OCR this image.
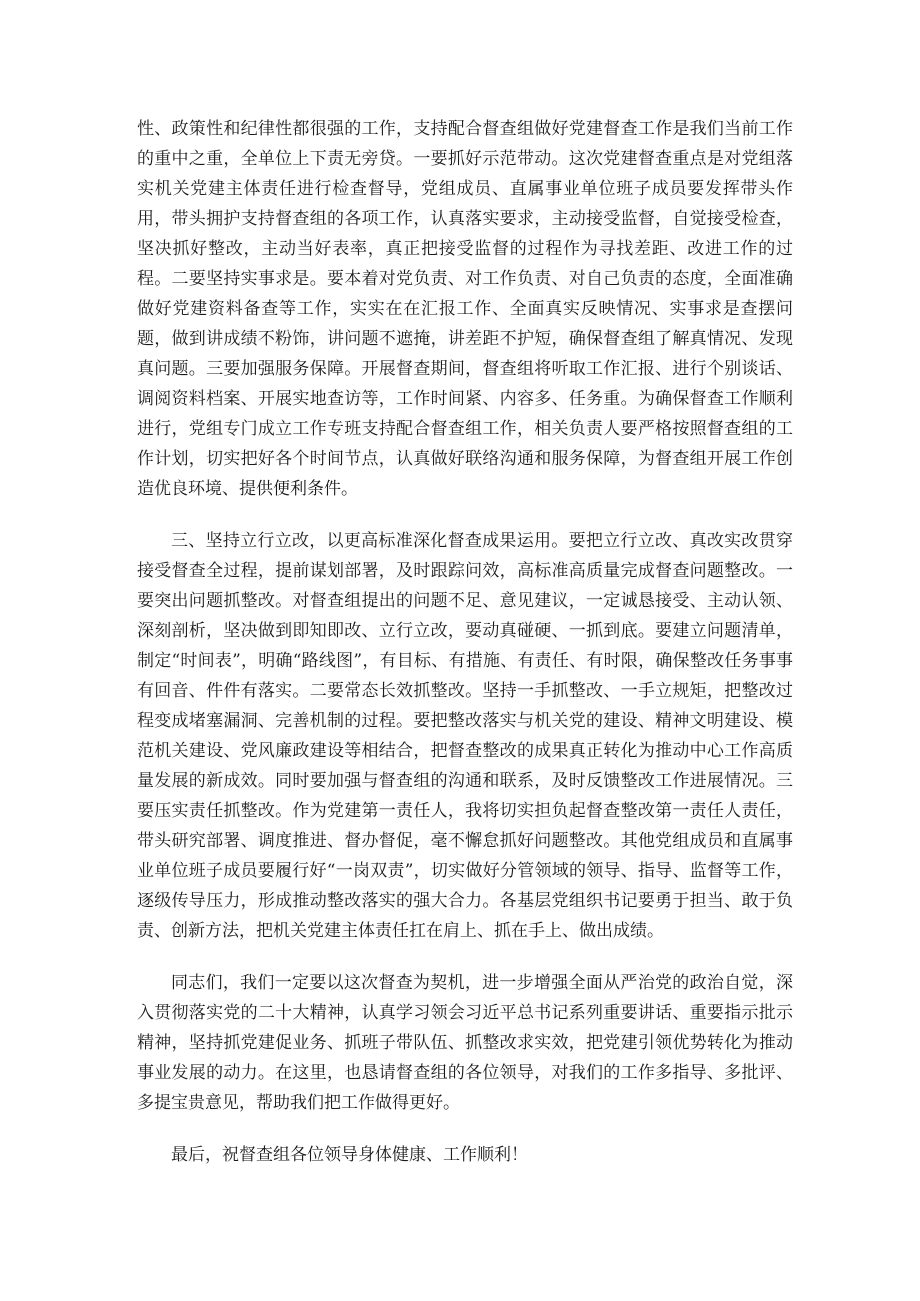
性、政策性和纪律性都很强的工作，支持配合督查组做好党建督查工作是我们当前工作的重中之重，全单位上下责无旁贷。一要抓好示范带动。这次党建督查重点是对党组落实机关党建主体责任进行检查督导，党组成员、直属事业单位班子成员要发挥带头作用，带头拥护支持督查组的各项工作，认真落实要求，主动接受监督，自觉接受检查，坚决抓好整改，主动当好表率，真正把接受监督的过程作为寻找差距、改进工作的过程。二要坚持实事求是。要本着对党负责、对工作负责、对自己负责的态度，全面准确做好党建资料备查等工作，实实在在汇报工作、全面真实反映情况、实事求是查摆问题，做到讲成绩不粉饰，讲问题不遮掩，讲差距不护短，确保督查组了解真情况、发现真问题。三要加强服务保障。开展督查期间，督查组将听取工作汇报、进行个别谈话、调阅资料档案、开展实地查访等，工作时间紧、内容多、任务重。为确保督查工作顺利进行，党组专门成立工作专班支持配合督查组工作，相关负责人要严格按照督查组的工作计划，切实把好各个时间节点，认真做好联络沟通和服务保障，为督查组开展工作创造优良环境、提供便利条件。

三、坚持立行立改，以更高标准深化督查成果运用。要把立行立改、真改实改贯穿接受督查全过程，提前谋划部署，及时跟踪问效，高标准高质量完成督查问题整改。一要突出问题抓整改。对督查组提出的问题不足、意见建议，一定诚恳接受、主动认领、深刻剖析，坚决做到即知即改、立行立改，要动真碰硬、一抓到底。要建立问题清单，制定“时间表”，明确“路线图”，有目标、有措施、有责任、有时限，确保整改任务事事有回音、件件有落实。二要常态长效抓整改。坚持一手抓整改、一手立规矩，把整改过程变成堵塞漏洞、完善机制的过程。要把整改落实与机关党的建设、精神文明建设、模范机关建设、党风廉政建设等相结合，把督查整改的成果真正转化为推动中心工作高质量发展的新成效。同时要加强与督查组的沟通和联系，及时反馈整改工作进展情况。三要压实责任抓整改。作为党建第一责任人，我将切实担负起督查整改第一责任人责任，带头研究部署、调度推进、督办督促，毫不懈怠抓好问题整改。其他党组成员和直属事业单位班子成员要履行好“一岗双责”，切实做好分管领域的领导、指导、监督等工作，逐级传导压力，形成推动整改落实的强大合力。各基层党组织书记要勇于担当、敢于负责、创新方法，把机关党建主体责任扛在肩上、抓在手上、做出成绩。

同志们，我们一定要以这次督查为契机，进一步增强全面从严治党的政治自觉，深入贯彻落实党的二十大精神，认真学习领会习近平总书记系列重要讲话、重要指示批示精神，坚持抓党建促业务、抓班子带队伍、抓整改求实效，把党建引领优势转化为推动事业发展的动力。在这里，也恳请督查组的各位领导，对我们的工作多指导、多批评、多提宝贵意见，帮助我们把工作做得更好。

最后，祝督查组各位领导身体健康、工作顺利！
